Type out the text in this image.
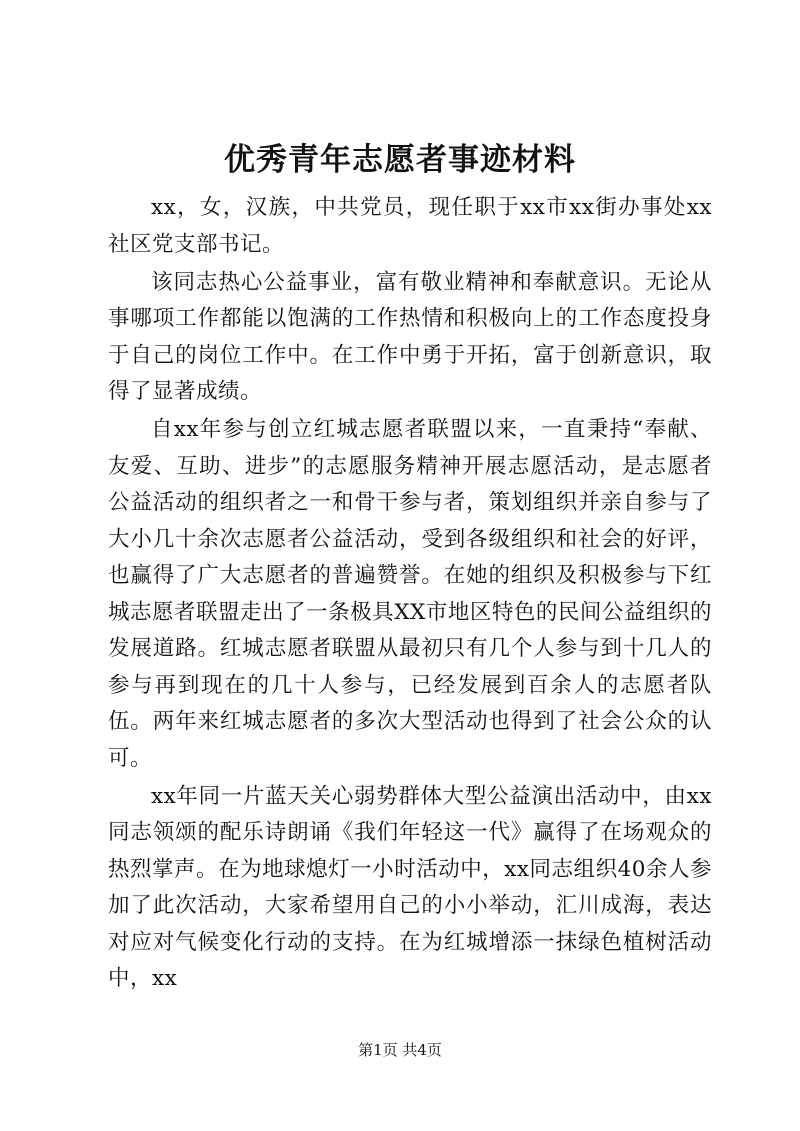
优秀青年志愿者事迹材料

xx，女，汉族，中共党员，现任职于xx市xx街办事处xx社区党支部书记。

该同志热心公益事业，富有敬业精神和奉献意识。无论从事哪项工作都能以饱满的工作热情和积极向上的工作态度投身于自己的岗位工作中。在工作中勇于开拓，富于创新意识，取得了显著成绩。

自xx年参与创立红城志愿者联盟以来，一直秉持“奉献、友爱、互助、进步”的志愿服务精神开展志愿活动，是志愿者公益活动的组织者之一和骨干参与者，策划组织并亲自参与了大小几十余次志愿者公益活动，受到各级组织和社会的好评，也赢得了广大志愿者的普遍赞誉。在她的组织及积极参与下红城志愿者联盟走出了一条极具XX市地区特色的民间公益组织的发展道路。红城志愿者联盟从最初只有几个人参与到十几人的参与再到现在的几十人参与，已经发展到百余人的志愿者队伍。两年来红城志愿者的多次大型活动也得到了社会公众的认可。

xx年同一片蓝天关心弱势群体大型公益演出活动中，由xx同志领颂的配乐诗朗诵《我们年轻这一代》赢得了在场观众的热烈掌声。在为地球熄灯一小时活动中，xx同志组织40余人参加了此次活动，大家希望用自己的小小举动，汇川成海，表达对应对气候变化行动的支持。在为红城增添一抹绿色植树活动中，xx

第1页 共4页
